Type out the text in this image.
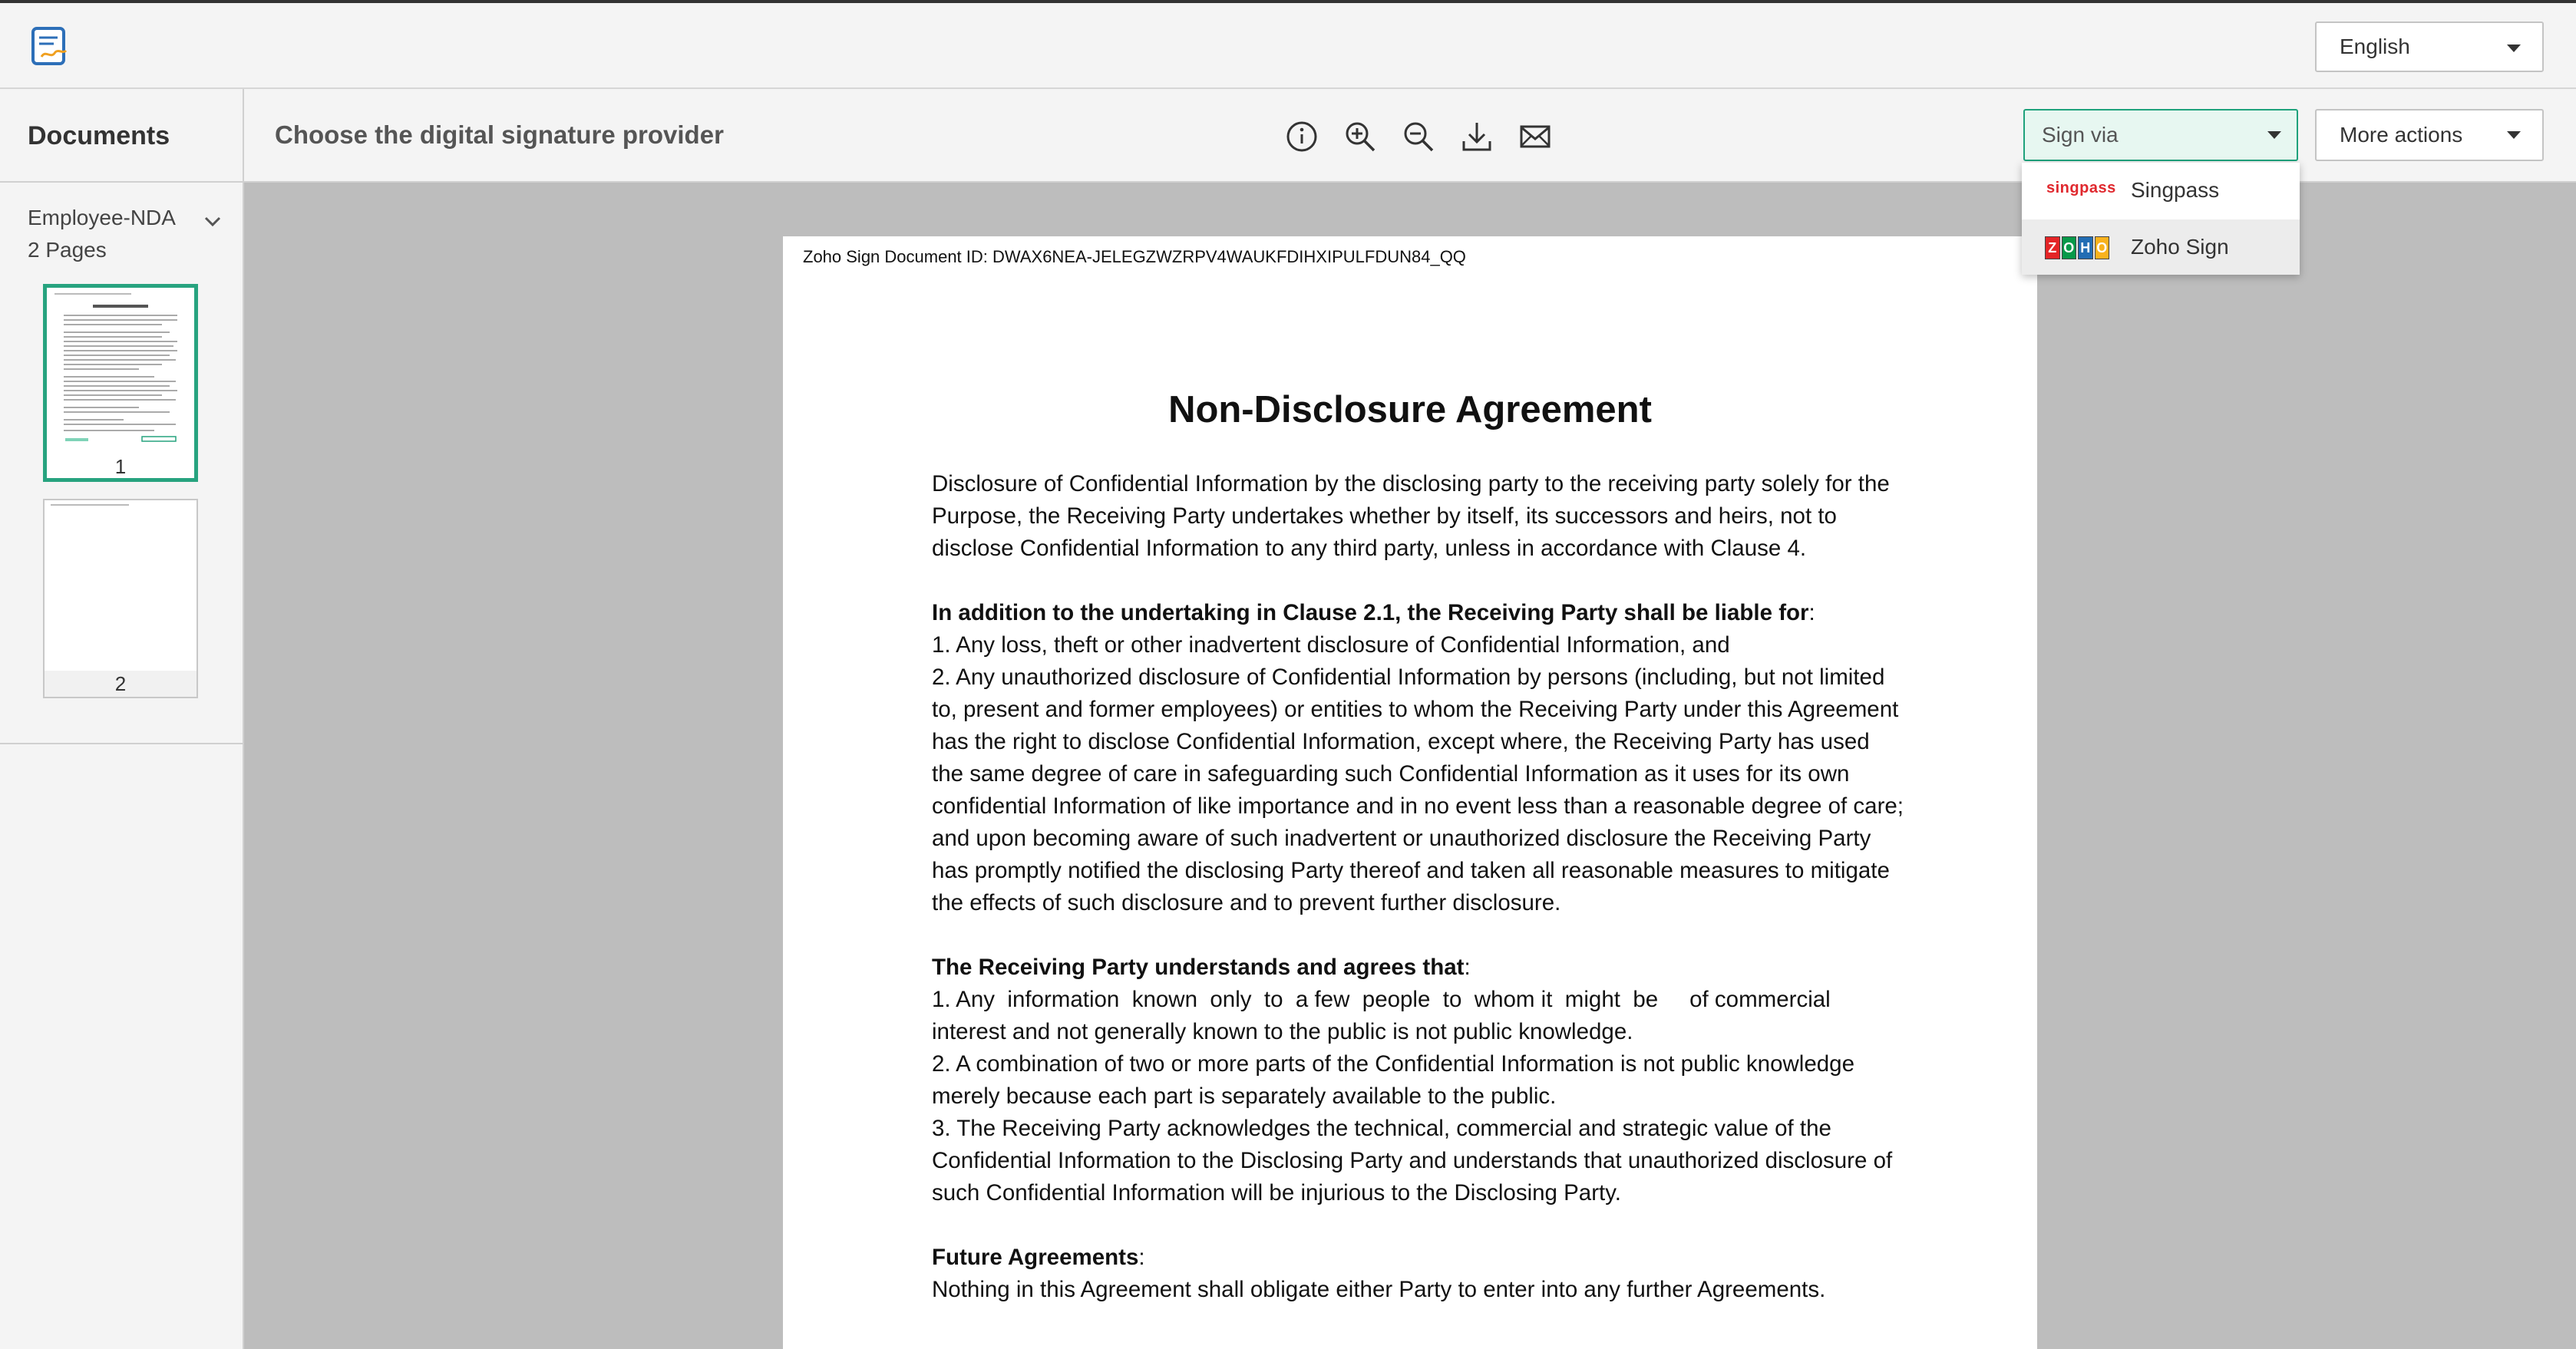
English
Documents
Employee-NDA
2 Pages
1
2
Choose the digital signature provider	Sign via	More actions
singpass Singpass
Z O H O Zoho Sign
Zoho Sign Document ID: DWAX6NEA-JELEGZWZRPV4WAUKFDIHXIPULFDUN84_QQ
Non-Disclosure Agreement

Disclosure of Confidential Information by the disclosing party to the receiving party solely for the Purpose, the Receiving Party undertakes whether by itself, its successors and heirs, not to disclose Confidential Information to any third party, unless in accordance with Clause 4.

In addition to the undertaking in Clause 2.1, the Receiving Party shall be liable for:

1. Any loss, theft or other inadvertent disclosure of Confidential Information, and

2. Any unauthorized disclosure of Confidential Information by persons (including, but not limited to, present and former employees) or entities to whom the Receiving Party under this Agreement has the right to disclose Confidential Information, except where, the Receiving Party has used the same degree of care in safeguarding such Confidential Information as it uses for its own confidential Information of like importance and in no event less than a reasonable degree of care; and upon becoming aware of such inadvertent or unauthorized disclosure the Receiving Party has promptly notified the disclosing Party thereof and taken all reasonable measures to mitigate the effects of such disclosure and to prevent further disclosure.

The Receiving Party understands and agrees that:

1. Any  information  known  only  to  a few  people  to  whom it  might  be     of commercial interest and not generally known to the public is not public knowledge.

2. A combination of two or more parts of the Confidential Information is not public knowledge merely because each part is separately available to the public.

3. The Receiving Party acknowledges the technical, commercial and strategic value of the Confidential Information to the Disclosing Party and understands that unauthorized disclosure of such Confidential Information will be injurious to the Disclosing Party.

Future Agreements:

Nothing in this Agreement shall obligate either Party to enter into any further Agreements.
